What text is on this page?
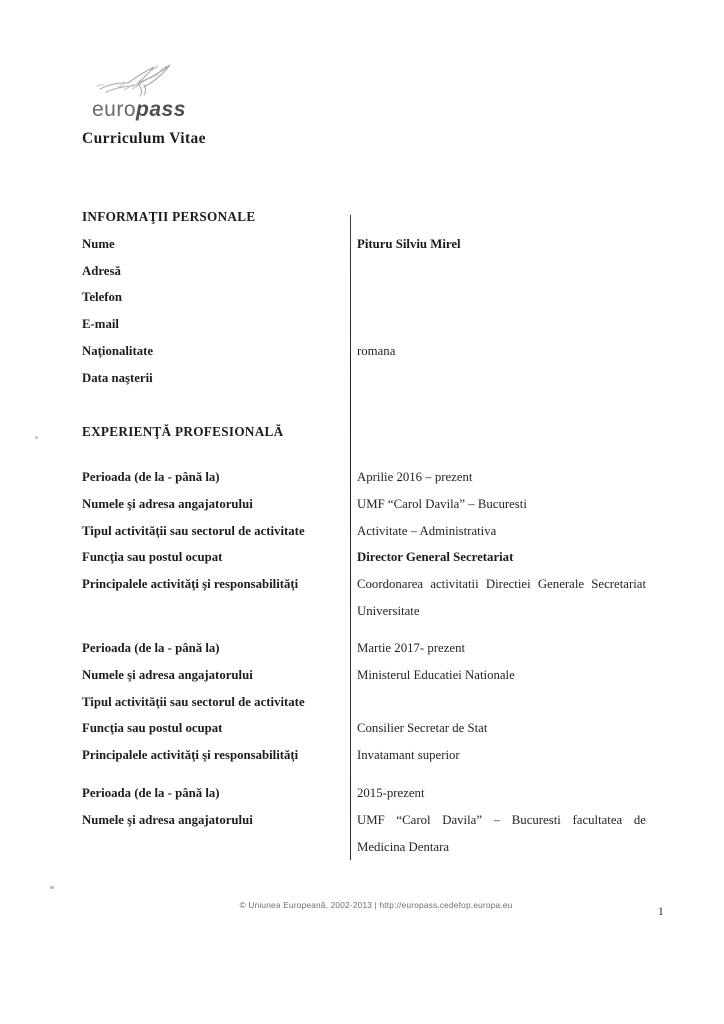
europass
Curriculum Vitae
INFORMAŢII PERSONALE
Nume	Pituru Silviu Mirel
Adresă
Telefon
E-mail
Naţionalitate	romana
Data naşterii
EXPERIENŢĂ PROFESIONALĂ
Perioada (de la - până la)	Aprilie 2016 – prezent
Numele şi adresa angajatorului	UMF “Carol Davila” – Bucuresti
Tipul activităţii sau sectorul de activitate	Activitate – Administrativa
Funcţia sau postul ocupat	Director General Secretariat
Principalele activităţi şi responsabilităţi	Coordonarea activitatii Directiei Generale Secretariat Universitate
Perioada (de la - până la)	Martie 2017- prezent
Numele şi adresa angajatorului	Ministerul Educatiei Nationale
Tipul activităţii sau sectorul de activitate
Funcţia sau postul ocupat	Consilier Secretar de Stat
Principalele activităţi şi responsabilităţi	Invatamant superior
Perioada (de la - până la)	2015-prezent
Numele şi adresa angajatorului	UMF “Carol Davila” – Bucuresti facultatea de Medicina Dentara
© Uniunea Europeană, 2002-2013 | http://europass.cedefop.europa.eu
1
